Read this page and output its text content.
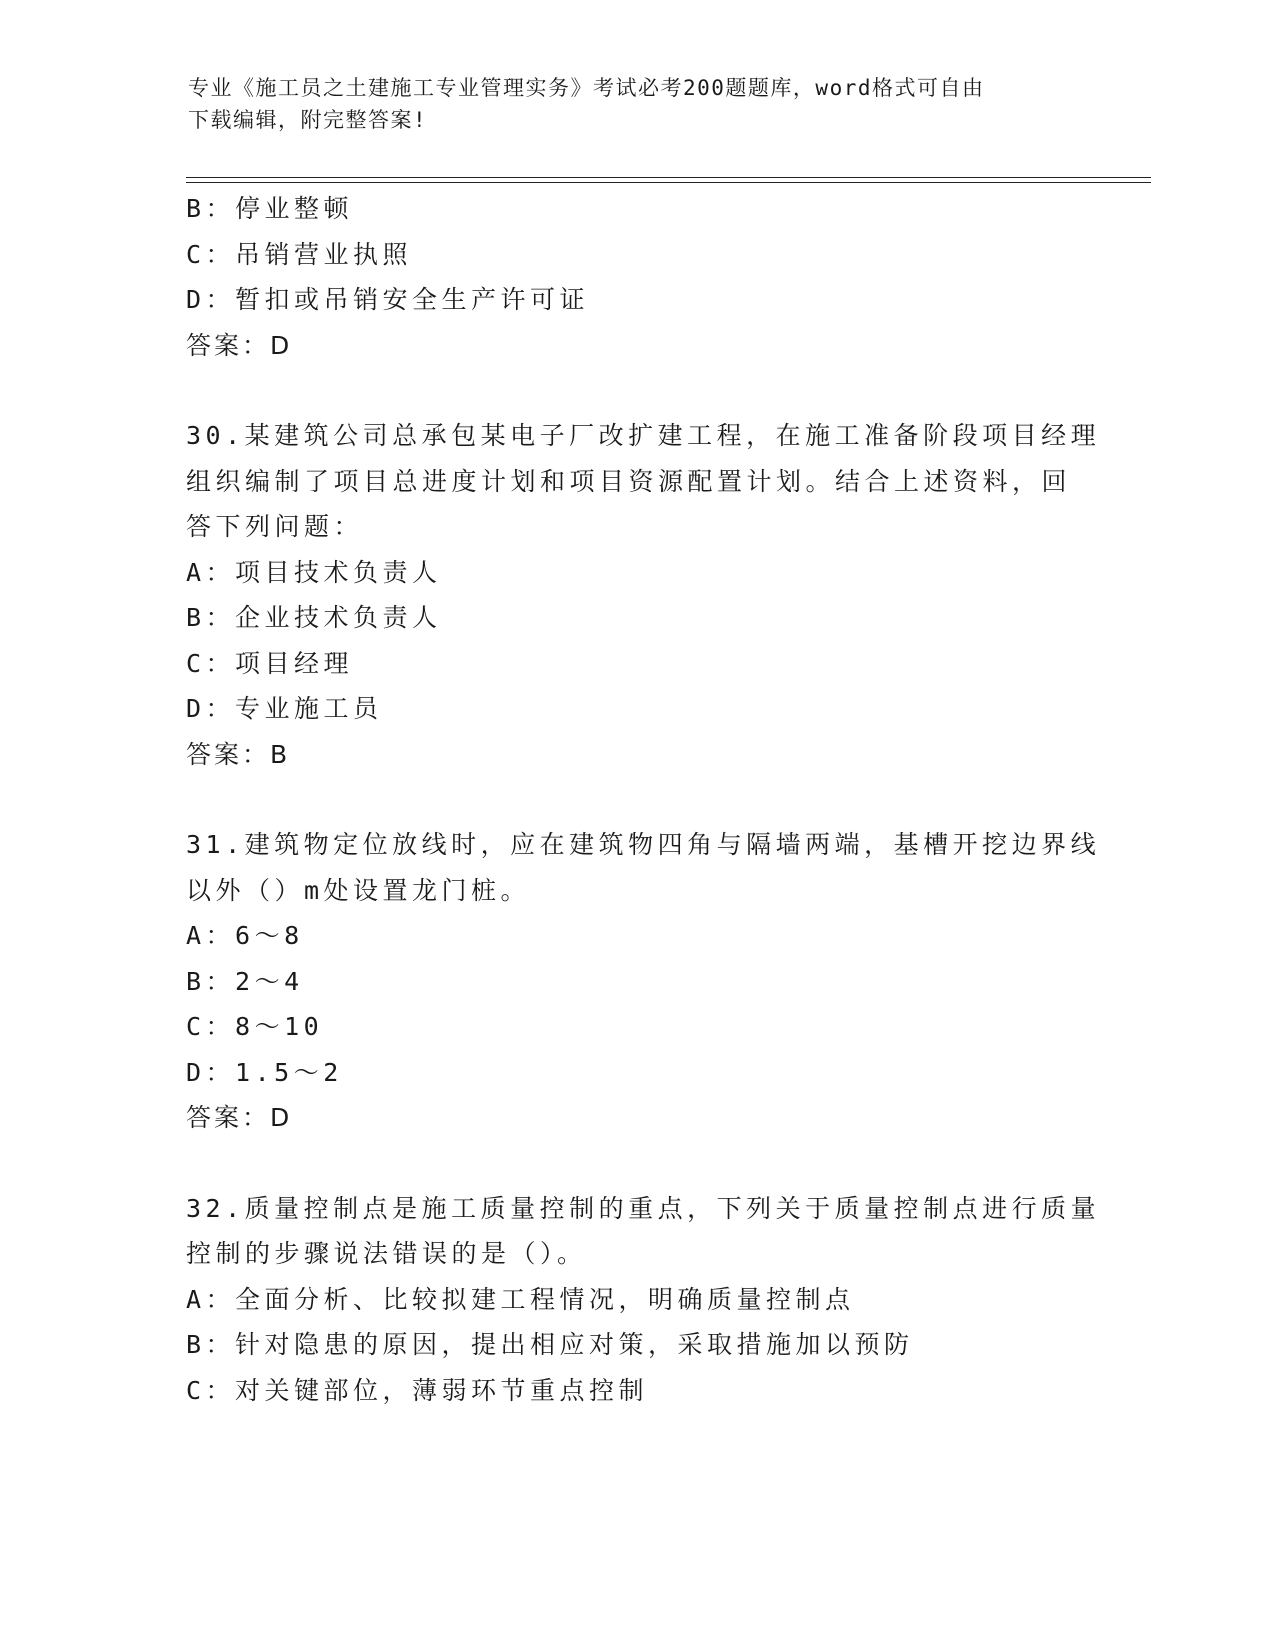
专业《施工员之土建施工专业管理实务》考试必考200题题库，word格式可自由
下载编辑，附完整答案!
B：停业整顿
C：吊销营业执照
D：暂扣或吊销安全生产许可证
答案：D
30.某建筑公司总承包某电子厂改扩建工程，在施工准备阶段项目经理
组织编制了项目总进度计划和项目资源配置计划。结合上述资料，回
答下列问题：
A：项目技术负责人
B：企业技术负责人
C：项目经理
D：专业施工员
答案：B
31.建筑物定位放线时，应在建筑物四角与隔墙两端，基槽开挖边界线
以外（）m处设置龙门桩。
A：6～8
B：2～4
C：8～10
D：1.5～2
答案：D
32.质量控制点是施工质量控制的重点，下列关于质量控制点进行质量
控制的步骤说法错误的是（）。
A：全面分析、比较拟建工程情况，明确质量控制点
B：针对隐患的原因，提出相应对策，采取措施加以预防
C：对关键部位，薄弱环节重点控制
